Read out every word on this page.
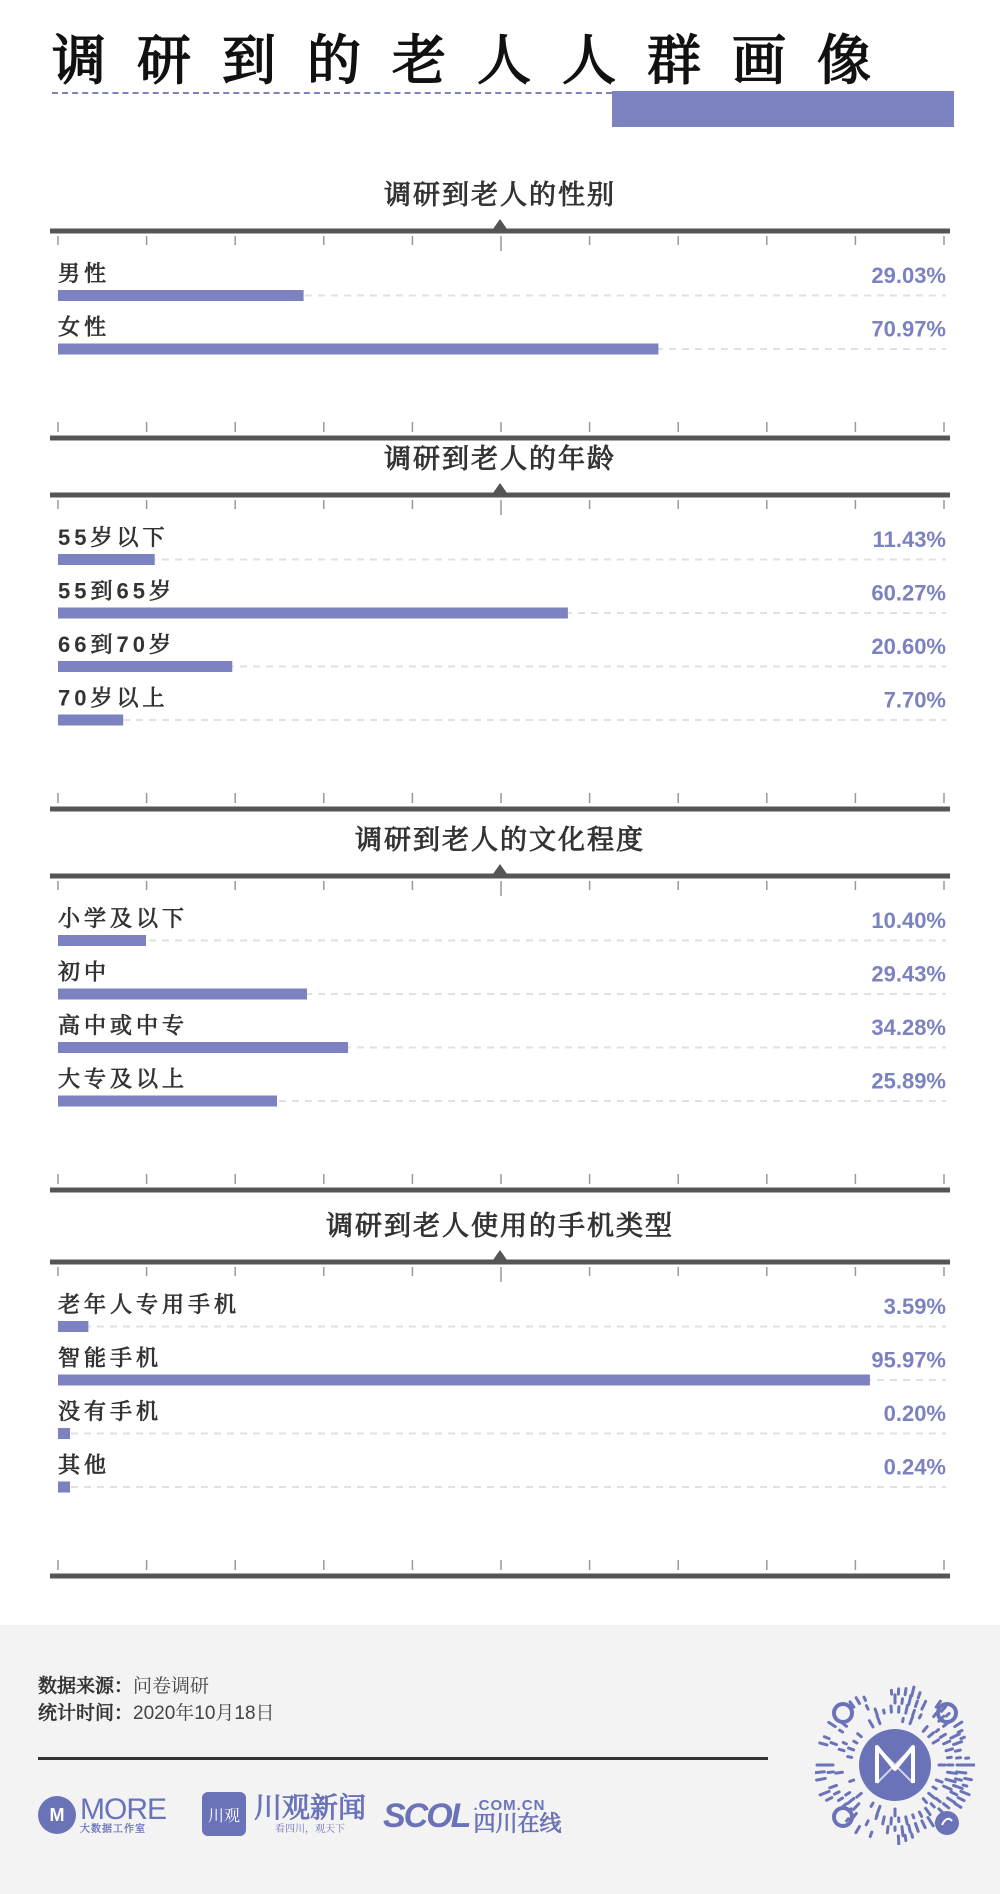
调研到的老人人群画像
调研到老人的性别
男性	29.03%
女性	70.97%
调研到老人的年龄
55岁以下	11.43%
55到65岁	60.27%
66到70岁	20.60%
70岁以上	7.70%
调研到老人的文化程度
小学及以下	10.40%
初中	29.43%
高中或中专	34.28%
大专及以上	25.89%
调研到老人使用的手机类型
老年人专用手机	3.59%
智能手机	95.97%
没有手机	0.20%
其他	0.24%
数据来源：问卷调研
统计时间：2020年10月18日
M MORE
大数据工作室
川观 川观新闻
看四川，观天下	SCOL .COM.CN
四川在线
